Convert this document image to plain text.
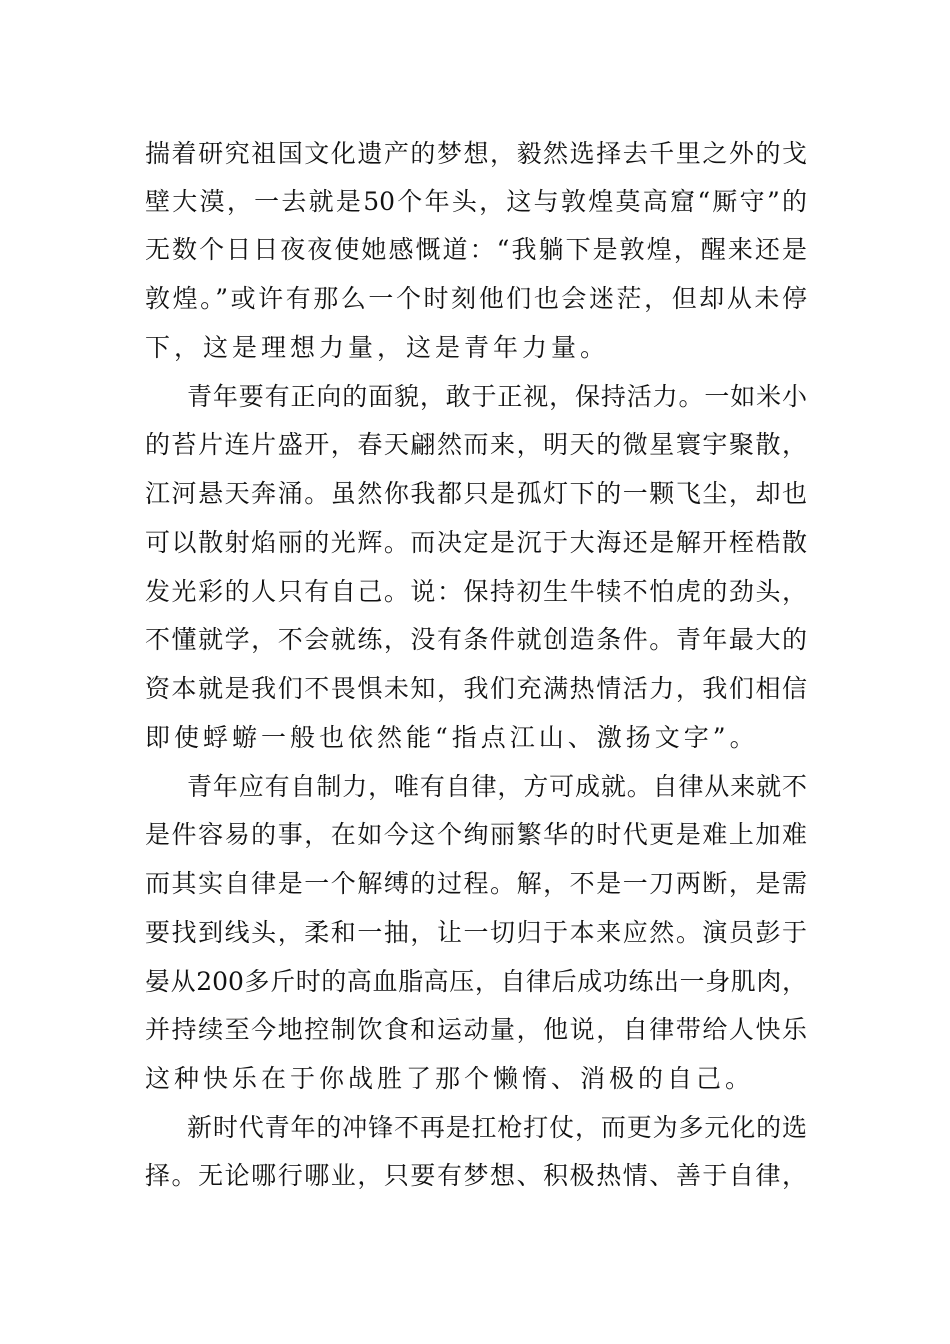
揣着研究祖国文化遗产的梦想，毅然选择去千里之外的戈
壁大漠，一去就是50个年头，这与敦煌莫高窟“厮守”的
无数个日日夜夜使她感慨道：“我躺下是敦煌，醒来还是
敦煌。”或许有那么一个时刻他们也会迷茫，但却从未停
下，这是理想力量，这是青年力量。
青年要有正向的面貌，敢于正视，保持活力。一如米小
的苔片连片盛开，春天翩然而来，明天的微星寰宇聚散，
江河悬天奔涌。虽然你我都只是孤灯下的一颗飞尘，却也
可以散射焰丽的光辉。而决定是沉于大海还是解开桎梏散
发光彩的人只有自己。说：保持初生牛犊不怕虎的劲头，
不懂就学，不会就练，没有条件就创造条件。青年最大的
资本就是我们不畏惧未知，我们充满热情活力，我们相信
即使蜉蝣一般也依然能“指点江山、激扬文字”。
青年应有自制力，唯有自律，方可成就。自律从来就不
是件容易的事，在如今这个绚丽繁华的时代更是难上加难
而其实自律是一个解缚的过程。解，不是一刀两断，是需
要找到线头，柔和一抽，让一切归于本来应然。演员彭于
晏从200多斤时的高血脂高压，自律后成功练出一身肌肉，
并持续至今地控制饮食和运动量，他说，自律带给人快乐
这种快乐在于你战胜了那个懒惰、消极的自己。
新时代青年的冲锋不再是扛枪打仗，而更为多元化的选
择。无论哪行哪业，只要有梦想、积极热情、善于自律，
